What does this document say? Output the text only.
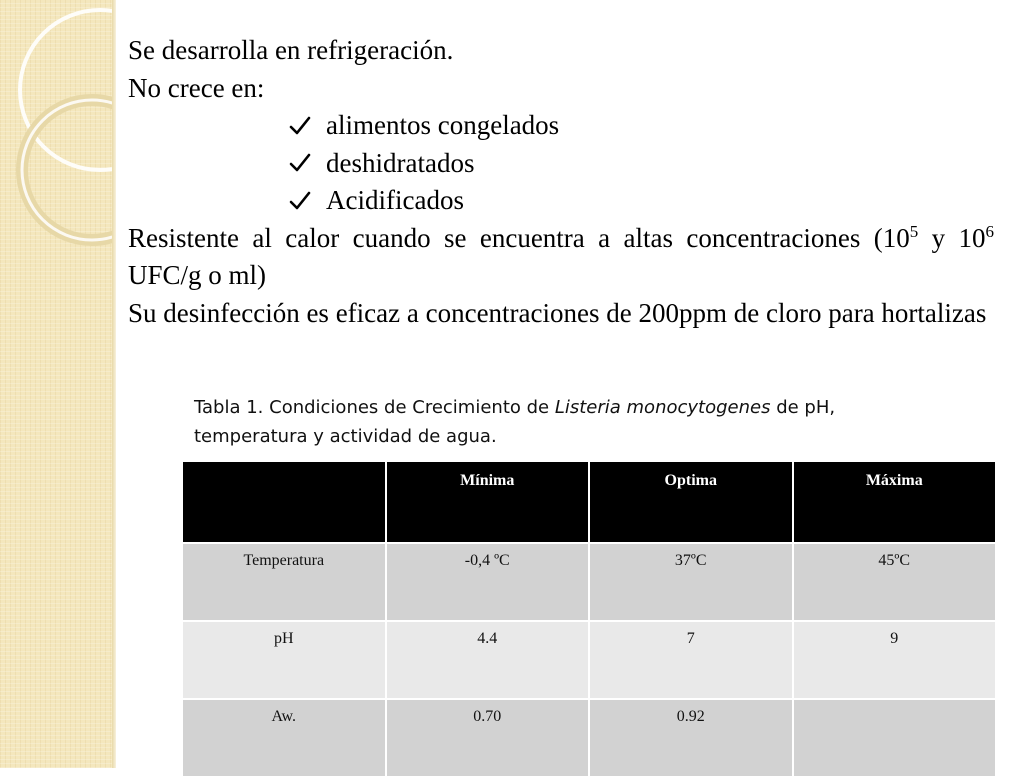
Se desarrolla en refrigeración.

No crece en:

alimentos congelados
deshidratados
Acidificados

Resistente al calor cuando se encuentra a altas concentraciones ($10^5$ y $10^6$ UFC/g o ml)

Su desinfección es eficaz a concentraciones de 200ppm de cloro para hortalizas

Tabla 1. Condiciones de Crecimiento de Listeria monocytogenes de pH, temperatura y actividad de agua.
	Mínima	Optima	Máxima
Temperatura	-0,4 ºC	37ºC	45ºC
pH	4.4	7	9
Aw.	0.70	0.92	
